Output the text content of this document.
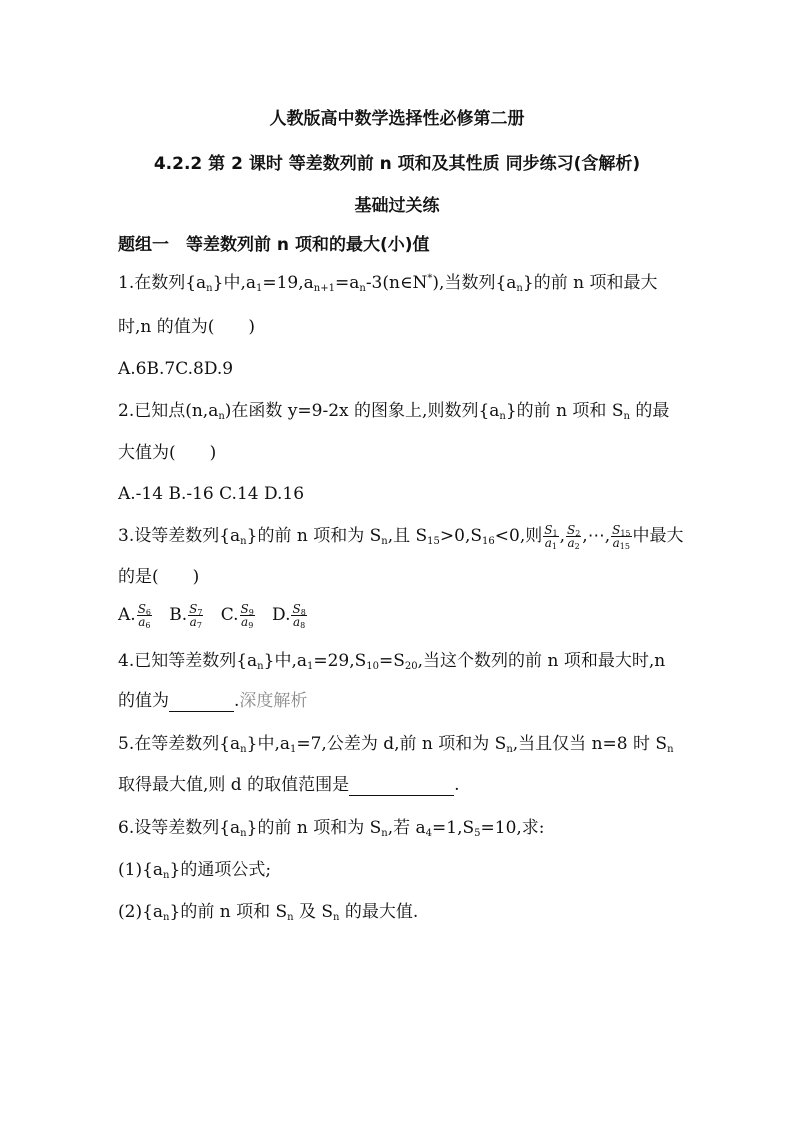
人教版高中数学选择性必修第二册
4.2.2 第 2 课时 等差数列前 n 项和及其性质 同步练习(含解析)
基础过关练
题组一　等差数列前 n 项和的最大(小)值
1.在数列$\{a_n\}$中$,a_1=19,a_{n+1}=a_n-3(n\in N^*)$,当数列$\{a_n\}$的前 n 项和最大
时,n 的值为(　　)
A.6B.7C.8D.9
2.已知点$(n,a_n)$在函数 y=9-2x 的图象上,则数列$\{a_n\}$的前 n 项和 $S_n$ 的最
大值为(　　)
A.-14 B.-16 C.14 D.16
3.设等差数列$\{a_n\}$的前 n 项和为 $S_n$,且 $S_{15}>0,S_{16}<0$,则 $\frac{S_1}{a_1}$ , $\frac{S_2}{a_2}$ ,⋯, $\frac{S_{15}}{a_{15}}$ 中最大
的是(　　)
A. $\frac{S_6}{a_6} B$. $\frac{S_7}{a_7} C$. $\frac{S_9}{a_9} D$. $\frac{S_8}{a_8}$
4.已知等差数列$\{a_n\}$中$,a_1=29,S_{10}=S_{20}$,当这个数列的前 n 项和最大时,n
的值为	.深度解析
5.在等差数列$\{a_n\}$中$,a_1=7$,公差为 d,前 n 项和为 $S_n$,当且仅当 n=8 时 $S_n$
取得最大值,则 d 的取值范围是	.
6.设等差数列$\{a_n\}$的前 n 项和为 $S_n$,若 $a_4=1,S_5=10$,求:
$(1)\{a_n\}$的通项公式;
$(2)\{a_n\}$的前 n 项和 $S_n$ 及 $S_n$ 的最大值.
